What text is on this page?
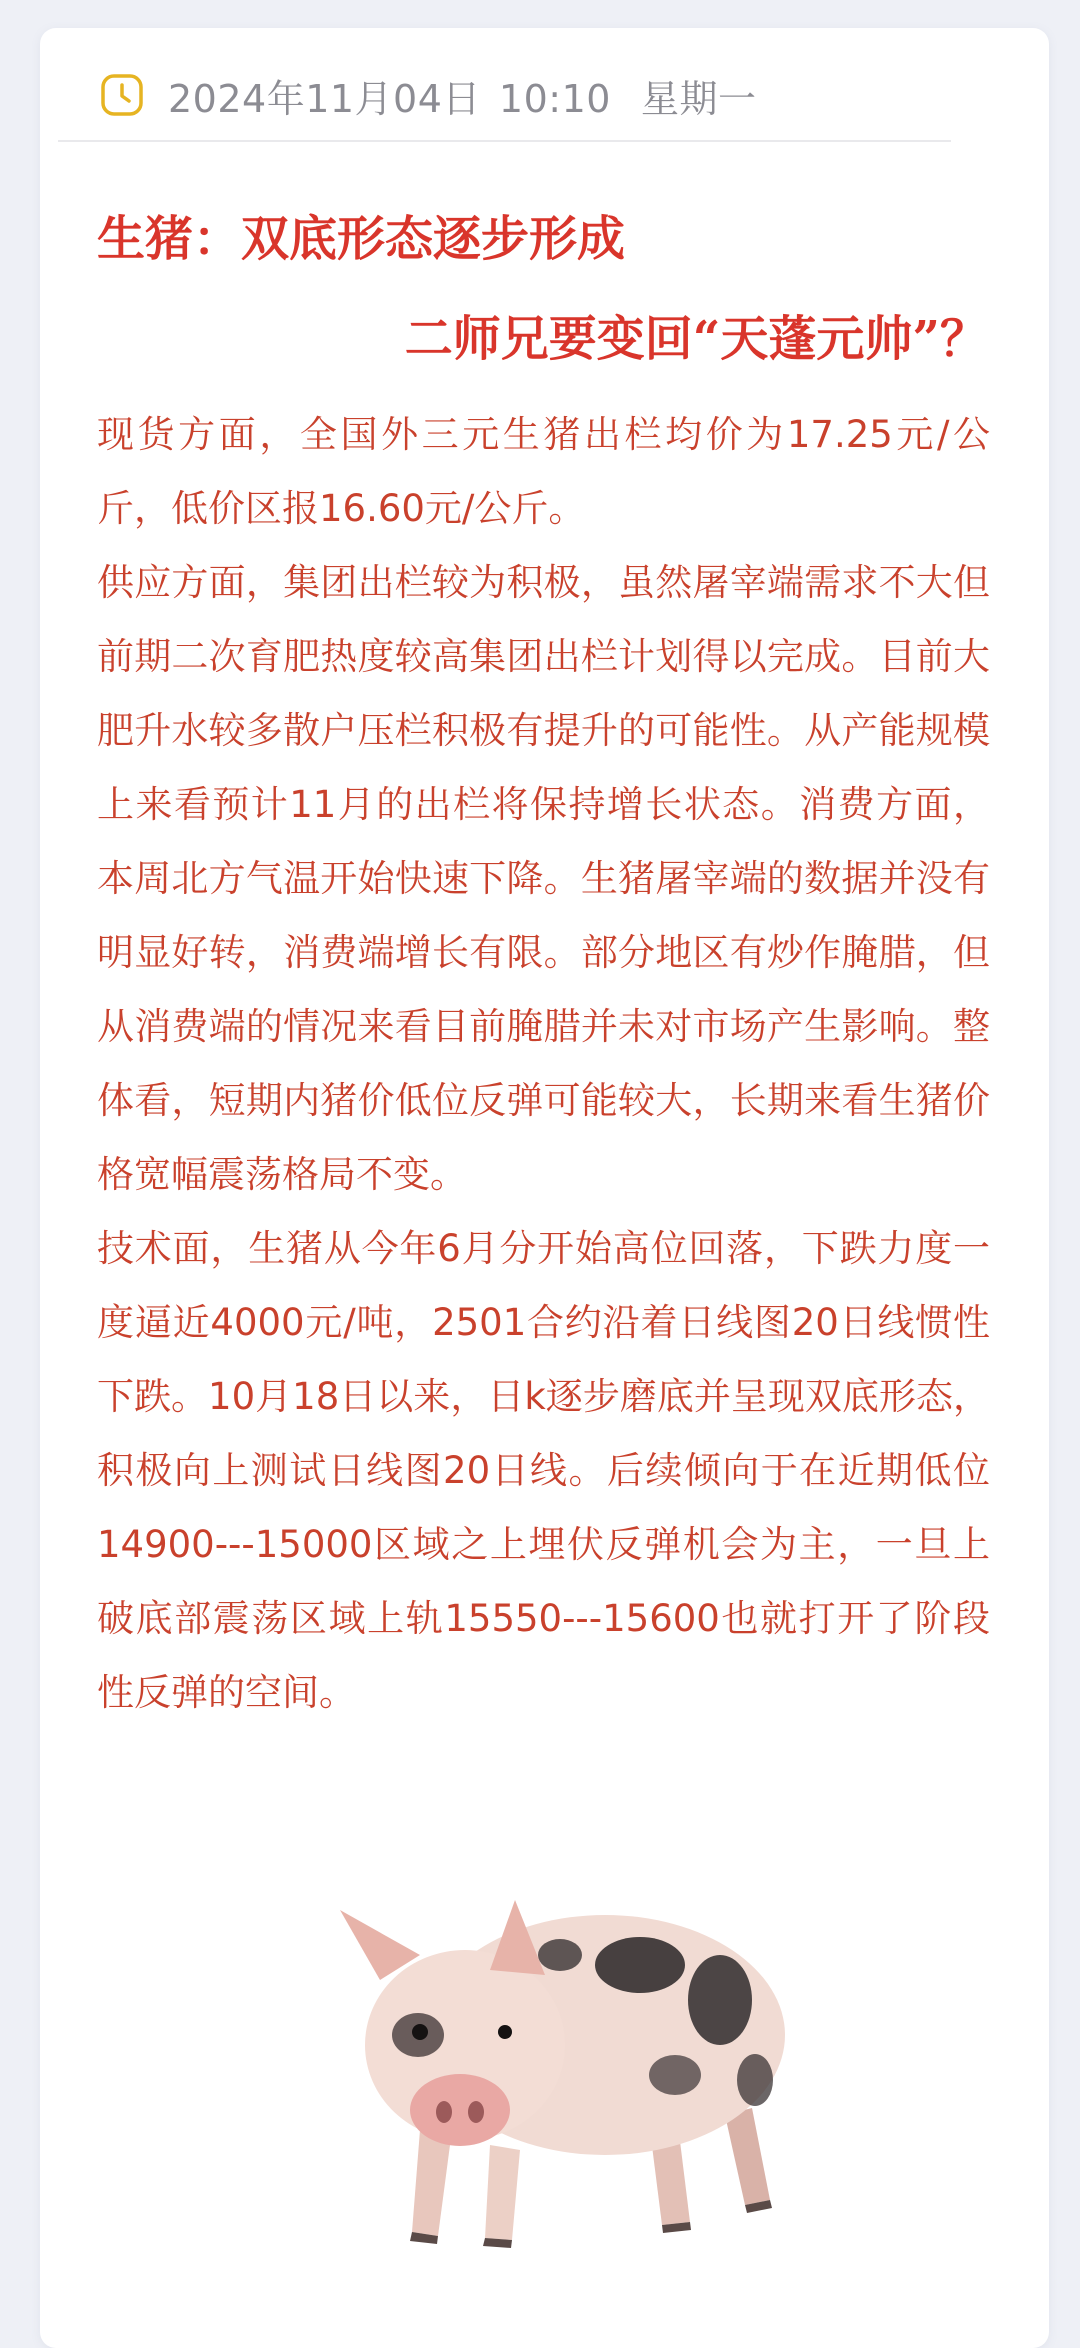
2024年11月04日 10:10 星期一
生猪：双底形态逐步形成
二师兄要变回“天蓬元帅”？

现货方面，全国外三元生猪出栏均价为17.25元/公斤，低价区报16.60元/公斤。

供应方面，集团出栏较为积极，虽然屠宰端需求不大但前期二次育肥热度较高集团出栏计划得以完成。目前大肥升水较多散户压栏积极有提升的可能性。从产能规模上来看预计11月的出栏将保持增长状态。消费方面，本周北方气温开始快速下降。生猪屠宰端的数据并没有明显好转，消费端增长有限。部分地区有炒作腌腊，但从消费端的情况来看目前腌腊并未对市场产生影响。整体看，短期内猪价低位反弹可能较大，长期来看生猪价格宽幅震荡格局不变。

技术面，生猪从今年6月分开始高位回落，下跌力度一度逼近4000元/吨，2501合约沿着日线图20日线惯性下跌。10月18日以来，日k逐步磨底并呈现双底形态，积极向上测试日线图20日线。后续倾向于在近期低位14900---15000区域之上埋伏反弹机会为主，一旦上破底部震荡区域上轨15550---15600也就打开了阶段性反弹的空间。
